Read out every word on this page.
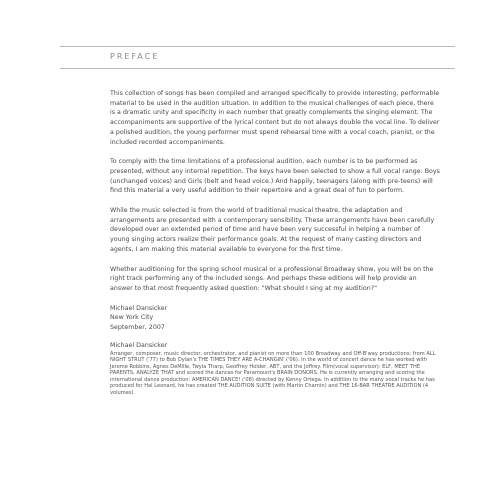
PREFACE

This collection of songs has been compiled and arranged specifically to provide interesting, performable material to be used in the audition situation. In addition to the musical challenges of each piece, there is a dramatic unity and specificity in each number that greatly complements the singing element. The accompaniments are supportive of the lyrical content but do not always double the vocal line. To deliver a polished audition, the young performer must spend rehearsal time with a vocal coach, pianist, or the included recorded accompaniments.

To comply with the time limitations of a professional audition, each number is to be performed as presented, without any internal repetition. The keys have been selected to show a full vocal range: Boys (unchanged voices) and Girls (belt and head voice.) And happily, teenagers (along with pre-teens) will find this material a very useful addition to their repertoire and a great deal of fun to perform.

While the music selected is from the world of traditional musical theatre, the adaptation and arrangements are presented with a contemporary sensibility. These arrangements have been carefully developed over an extended period of time and have been very successful in helping a number of young singing actors realize their performance goals. At the request of many casting directors and agents, I am making this material available to everyone for the first time.

Whether auditioning for the spring school musical or a professional Broadway show, you will be on the right track performing any of the included songs. And perhaps these editions will help provide an answer to that most frequently asked question: "What should I sing at my audition?"

Michael Dansicker
New York City
September, 2007
Michael Dansicker

Arranger, composer, music director, orchestrator, and pianist on more than 100 Broadway and Off-B'way productions: from ALL NIGHT STRUT ('77) to Bob Dylan's THE TIMES THEY ARE A-CHANGIN' ('06). In the world of concert dance he has worked with Jerome Robbins, Agnes DeMille, Twyla Tharp, Geoffrey Holder, ABT, and the Joffrey. Film(vocal supervisor): ELF, MEET THE PARENTS, ANALYZE THAT and scored the dances for Paramount's BRAIN DONORS. He is currently arranging and scoring the international dance production: AMERICAN DANCE! ('08) directed by Kenny Ortega. In addition to the many vocal tracks he has produced for Hal Leonard, he has created THE AUDITION SUITE (with Martin Charnin) and THE 16-BAR THEATRE AUDITION (4 volumes).
